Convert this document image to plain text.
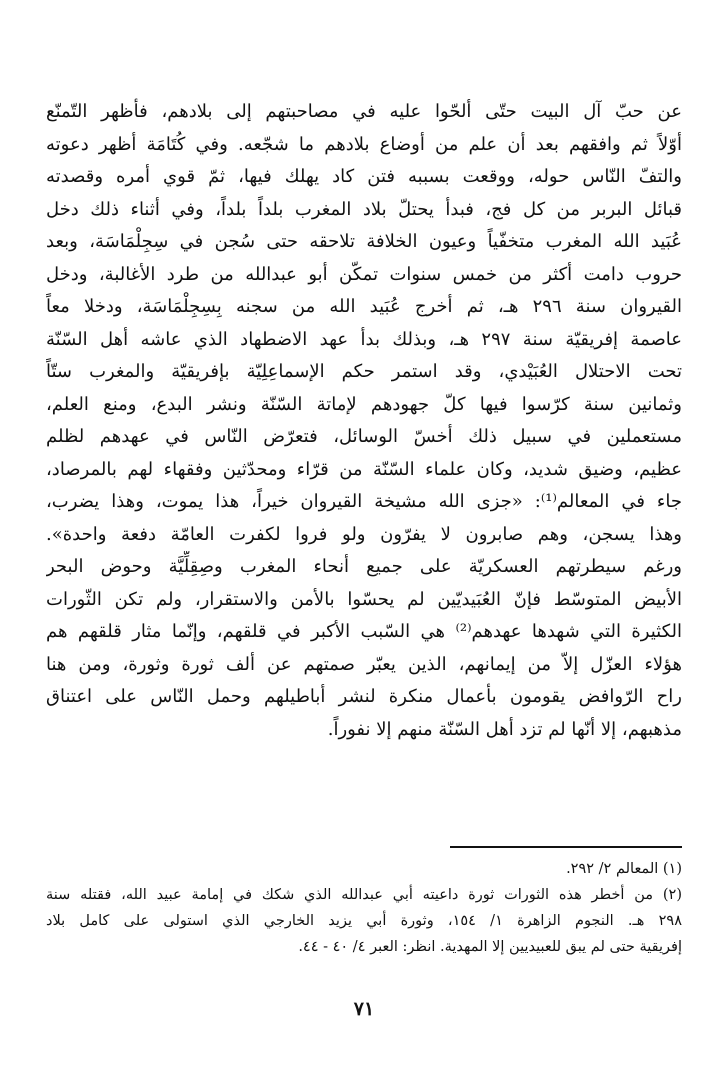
عن حبّ آل البيت حتّى ألحّوا عليه في مصاحبتهم إلى بلادهم، فأظهر التّمنّع
أوّلاً ثم وافقهم بعد أن علم من أوضاع بلادهم ما شجّعه. وفي كُتَامَة أظهر دعوته
والتفّ النّاس حوله، ووقعت بسببه فتن كاد يهلك فيها، ثمّ قوي أمره وقصدته
قبائل البربر من كل فج، فبدأ يحتلّ بلاد المغرب بلداً بلداً، وفي أثناء ذلك دخل
عُبَيد الله المغرب متخفّياً وعيون الخلافة تلاحقه حتى سُجن في سِجِلْمَاسَة، وبعد
حروب دامت أكثر من خمس سنوات تمكّن أبو عبدالله من طرد الأغالبة، ودخل
القيروان سنة ٢٩٦ هـ، ثم أخرج عُبَيد الله من سجنه بِسِجِلْمَاسَة، ودخلا معاً
عاصمة إفريقيّة سنة ٢٩٧ هـ، وبذلك بدأ عهد الاضطهاد الذي عاشه أهل السّنّة
تحت الاحتلال العُبَيْدي، وقد استمر حكم الإسماعِلِيّة بإفريقيّة والمغرب ستّاً
وثمانين سنة كرّسوا فيها كلّ جهودهم لإماتة السّنّة ونشر البدع، ومنع العلم،
مستعملين في سبيل ذلك أخسّ الوسائل، فتعرّض النّاس في عهدهم لظلم
عظيم، وضيق شديد، وكان علماء السّنّة من قرّاء ومحدّثين وفقهاء لهم بالمرصاد،
جاء في المعالم⁽¹⁾: «جزى الله مشيخة القيروان خيراً، هذا يموت، وهذا يضرب،
وهذا يسجن، وهم صابرون لا يفرّون ولو فروا لكفرت العامّة دفعة واحدة».
ورغم سيطرتهم العسكريّة على جميع أنحاء المغرب وصِقِلِّيَّة وحوض البحر
الأبيض المتوسّط فإنّ العُبَيديّين لم يحسّوا بالأمن والاستقرار، ولم تكن الثّورات
الكثيرة التي شهدها عهدهم⁽²⁾ هي السّبب الأكبر في قلقهم، وإنّما مثار قلقهم هم
هؤلاء العزّل إلاّ من إيمانهم، الذين يعبّر صمتهم عن ألف ثورة وثورة، ومن هنا
راح الرّوافض يقومون بأعمال منكرة لنشر أباطيلهم وحمل النّاس على اعتناق
مذهبهم، إلا أنّها لم تزد أهل السّنّة منهم إلا نفوراً.
(١) المعالم ٢/ ٢٩٢.
(٢) من أخطر هذه الثورات ثورة داعيته أبي عبدالله الذي شكك في إمامة عبيد الله، فقتله سنة
٢٩٨ هـ. النجوم الزاهرة ١/ ١٥٤، وثورة أبي يزيد الخارجي الذي استولى على كامل بلاد
إفريقية حتى لم يبق للعبيديين إلا المهدية. انظر: العبر ٤/ ٤٠ - ٤٤.
٧١
